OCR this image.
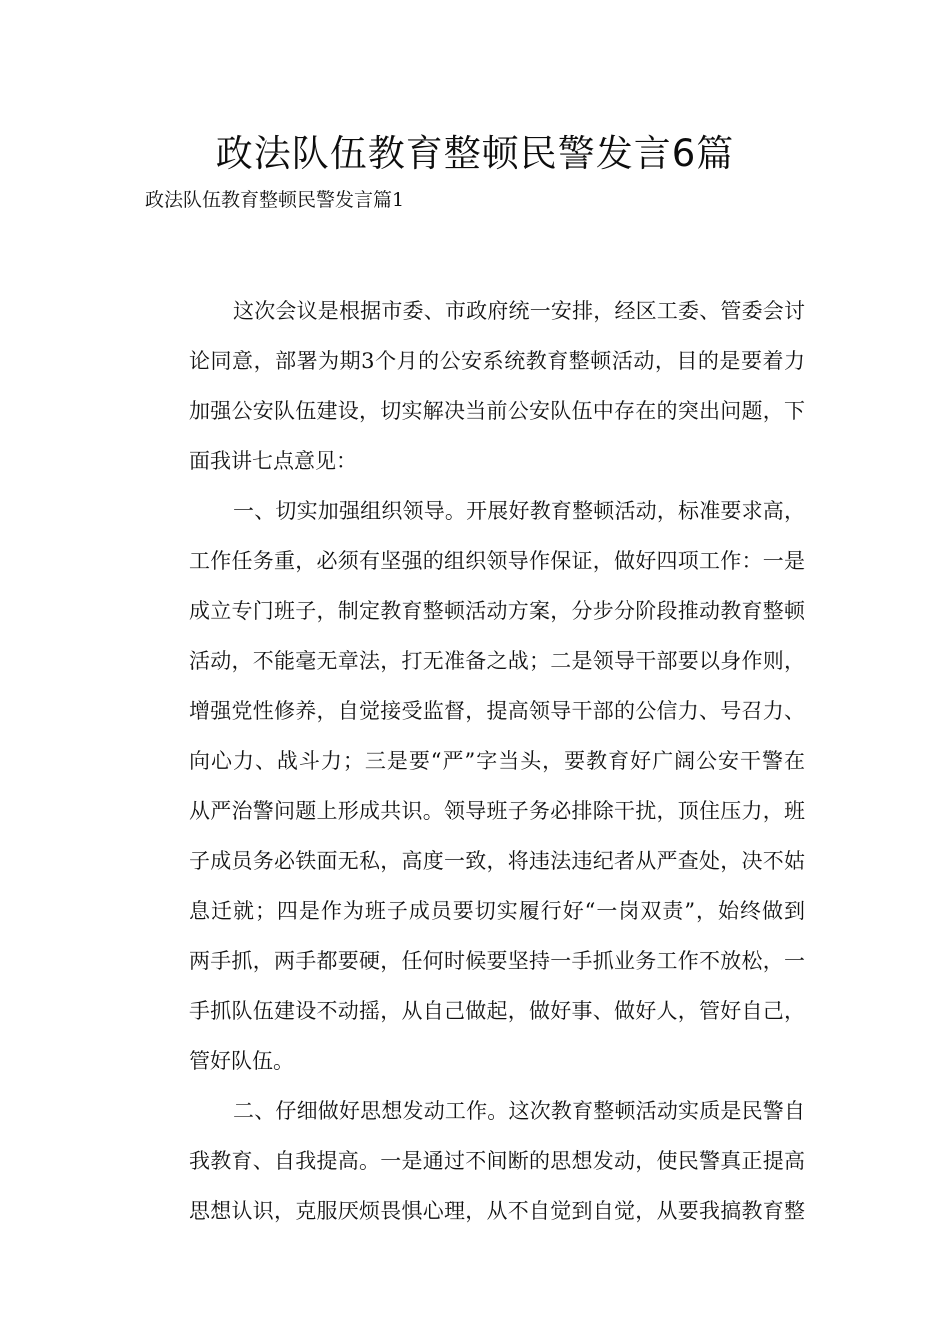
政法队伍教育整顿民警发言6篇
政法队伍教育整顿民警发言篇1
这次会议是根据市委、市政府统一安排，经区工委、管委会讨
论同意，部署为期3个月的公安系统教育整顿活动，目的是要着力
加强公安队伍建设，切实解决当前公安队伍中存在的突出问题，下
面我讲七点意见：
一、切实加强组织领导。开展好教育整顿活动，标准要求高，
工作任务重，必须有坚强的组织领导作保证，做好四项工作：一是
成立专门班子，制定教育整顿活动方案，分步分阶段推动教育整顿
活动，不能毫无章法，打无准备之战；二是领导干部要以身作则，
增强党性修养，自觉接受监督，提高领导干部的公信力、号召力、
向心力、战斗力；三是要“严”字当头，要教育好广阔公安干警在
从严治警问题上形成共识。领导班子务必排除干扰，顶住压力，班
子成员务必铁面无私，高度一致，将违法违纪者从严查处，决不姑
息迁就；四是作为班子成员要切实履行好“一岗双责”，始终做到
两手抓，两手都要硬，任何时候要坚持一手抓业务工作不放松，一
手抓队伍建设不动摇，从自己做起，做好事、做好人，管好自己，
管好队伍。
二、仔细做好思想发动工作。这次教育整顿活动实质是民警自
我教育、自我提高。一是通过不间断的思想发动，使民警真正提高
思想认识，克服厌烦畏惧心理，从不自觉到自觉，从要我搞教育整
